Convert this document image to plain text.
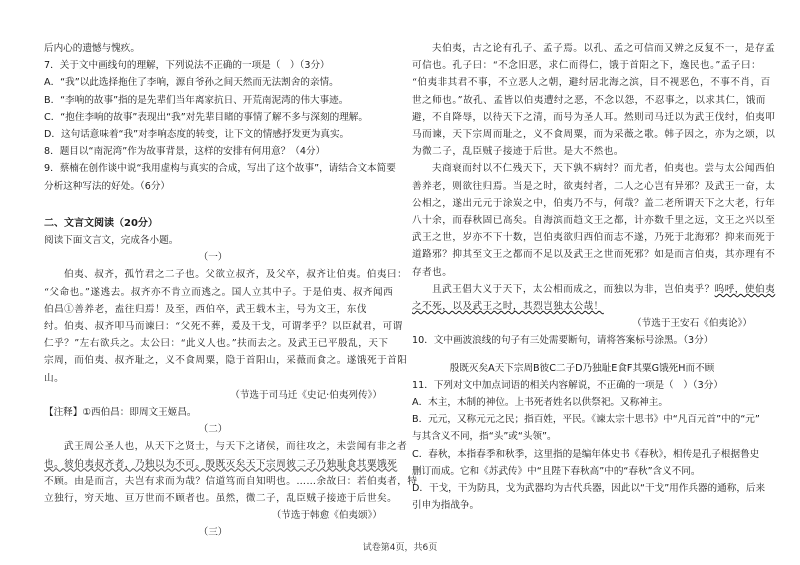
后内心的遗憾与愧疚。
7．关于文中画线句的理解，下列说法不正确的一项是（　）（3分）
A．“我”以此选择拖住了李响，源自爷孙之间天然而无法割舍的亲情。
B．“李响的故事”指的是先辈们当年离家抗日、开荒南泥湾的伟大事迹。
C．“抱住李响的故事”表现出“我”对先辈目睹的事情了解不多与深刻的理解。
D．这句话意味着“我”对李响态度的转变，让下文的情感抒发更为真实。
8．题目以“南泥湾”作为故事背景，这样的安排有何用意？（4分）
9．蔡楠在创作谈中说“我用虚构与真实的合成，写出了这个故事”，请结合文本简要
分析这种写法的好处。（6分）
二、文言文阅读（20分）
阅读下面文言文，完成各小题。
（一）
伯夷、叔齐，孤竹君之二子也。父欲立叔齐，及父卒，叔齐让伯夷。伯夷曰：
“父命也。”遂逃去。叔齐亦不肯立而逃之。国人立其中子。于是伯夷、叔齐闻西
伯昌①善养老，盍往归焉！及至，西伯卒，武王载木主，号为文王，东伐
纣。伯夷、叔齐叩马而谏曰：“父死不葬，爰及干戈，可谓孝乎？以臣弑君，可谓
仁乎？”左右欲兵之。太公曰：“此义人也。”扶而去之。及武王已平殷乱，天下
宗周，而伯夷、叔齐耻之，义不食周粟，隐于首阳山，采薇而食之。遂饿死于首阳
山。
（节选于司马迁《史记·伯夷列传》）
【注释】①西伯昌：即周文王姬昌。
（二）
武王周公圣人也，从天下之贤士，与天下之诸侯，而往攻之，未尝闻有非之者
也。彼伯夷叔齐者，乃独以为不可。殷既灭矣天下宗周彼二子乃独耻食其粟饿死
不顾。由是而言，夫岂有求而为哉？信道笃而自知明也。……余故曰：若伯夷者，特
立独行，穷天地、亘万世而不顾者也。虽然，微二子，乱臣贼子接迹于后世矣。
（节选于韩愈《伯夷颂》）
（三）
夫伯夷，古之论有孔子、孟子焉。以孔、孟之可信而又辨之反复不一，是存孟
可信也。孔子曰：“不念旧恶，求仁而得仁，饿于首阳之下，逸民也。”孟子曰：
“伯夷非其君不事，不立恶人之朝，避纣居北海之滨，目不视恶色，不事不肖，百
世之师也。”故孔、孟皆以伯夷遭纣之恶，不念以怨，不忍事之，以求其仁，饿而
避，不自降辱，以待天下之清，而号为圣人耳。然则司马迁以为武王伐纣，伯夷叩
马而谏，天下宗周而耻之，义不食周粟，而为采薇之歌。韩子因之，亦为之颂，以
为微二子，乱臣贼子接迹于后世。是大不然也。
夫商衰而纣以不仁残天下，天下孰不病纣？而尤者，伯夷也。尝与太公闻西伯
善养老，则欲往归焉。当是之时，欲夷纣者，二人之心岂有异邪？及武王一奋，太
公相之，遂出元元于涂炭之中，伯夷乃不与，何哉？盖二老所谓天下之大老，行年
八十余，而春秋固已高矣。自海滨而趋文王之都，计亦数千里之远，文王之兴以至
武王之世，岁亦不下十数，岂伯夷欲归西伯而志不遂，乃死于北海邪？抑来而死于
道路邪？抑其至文王之都而不足以及武王之世而死邪？如是而言伯夷，其亦理有不
存者也。
且武王倡大义于天下，太公相而成之，而独以为非，岂伯夷乎？呜呼，使伯夷
之不死，以及武王之时，其烈岂独太公哉！
（节选于王安石《伯夷论》）
10．文中画波浪线的句子有三处需要断句，请将答案标号涂黑。（3分）
殷既灭矣A天下宗周B彼C二子D乃独耻E食F其粟G饿死H而不顾
11．下列对文中加点词语的相关内容解说，不正确的一项是（　）（3分）
A．木主，木制的神位。上书死者姓名以供祭祀。又称神主。
B．元元，又称元元之民；指百姓，平民。《谏太宗十思书》中“凡百元首”中的“元”
与其含义不同，指“头”或“头领”。
C．春秋，本指春季和秋季，这里指的是编年体史书《春秋》，相传是孔子根据鲁史
删订而成。它和《苏武传》中“且陛下春秋高”中的“春秋”含义不同。
D．干戈，干为防具，戈为武器均为古代兵器，因此以“干戈”用作兵器的通称，后来
引申为指战争。
试卷第4页，共6页
